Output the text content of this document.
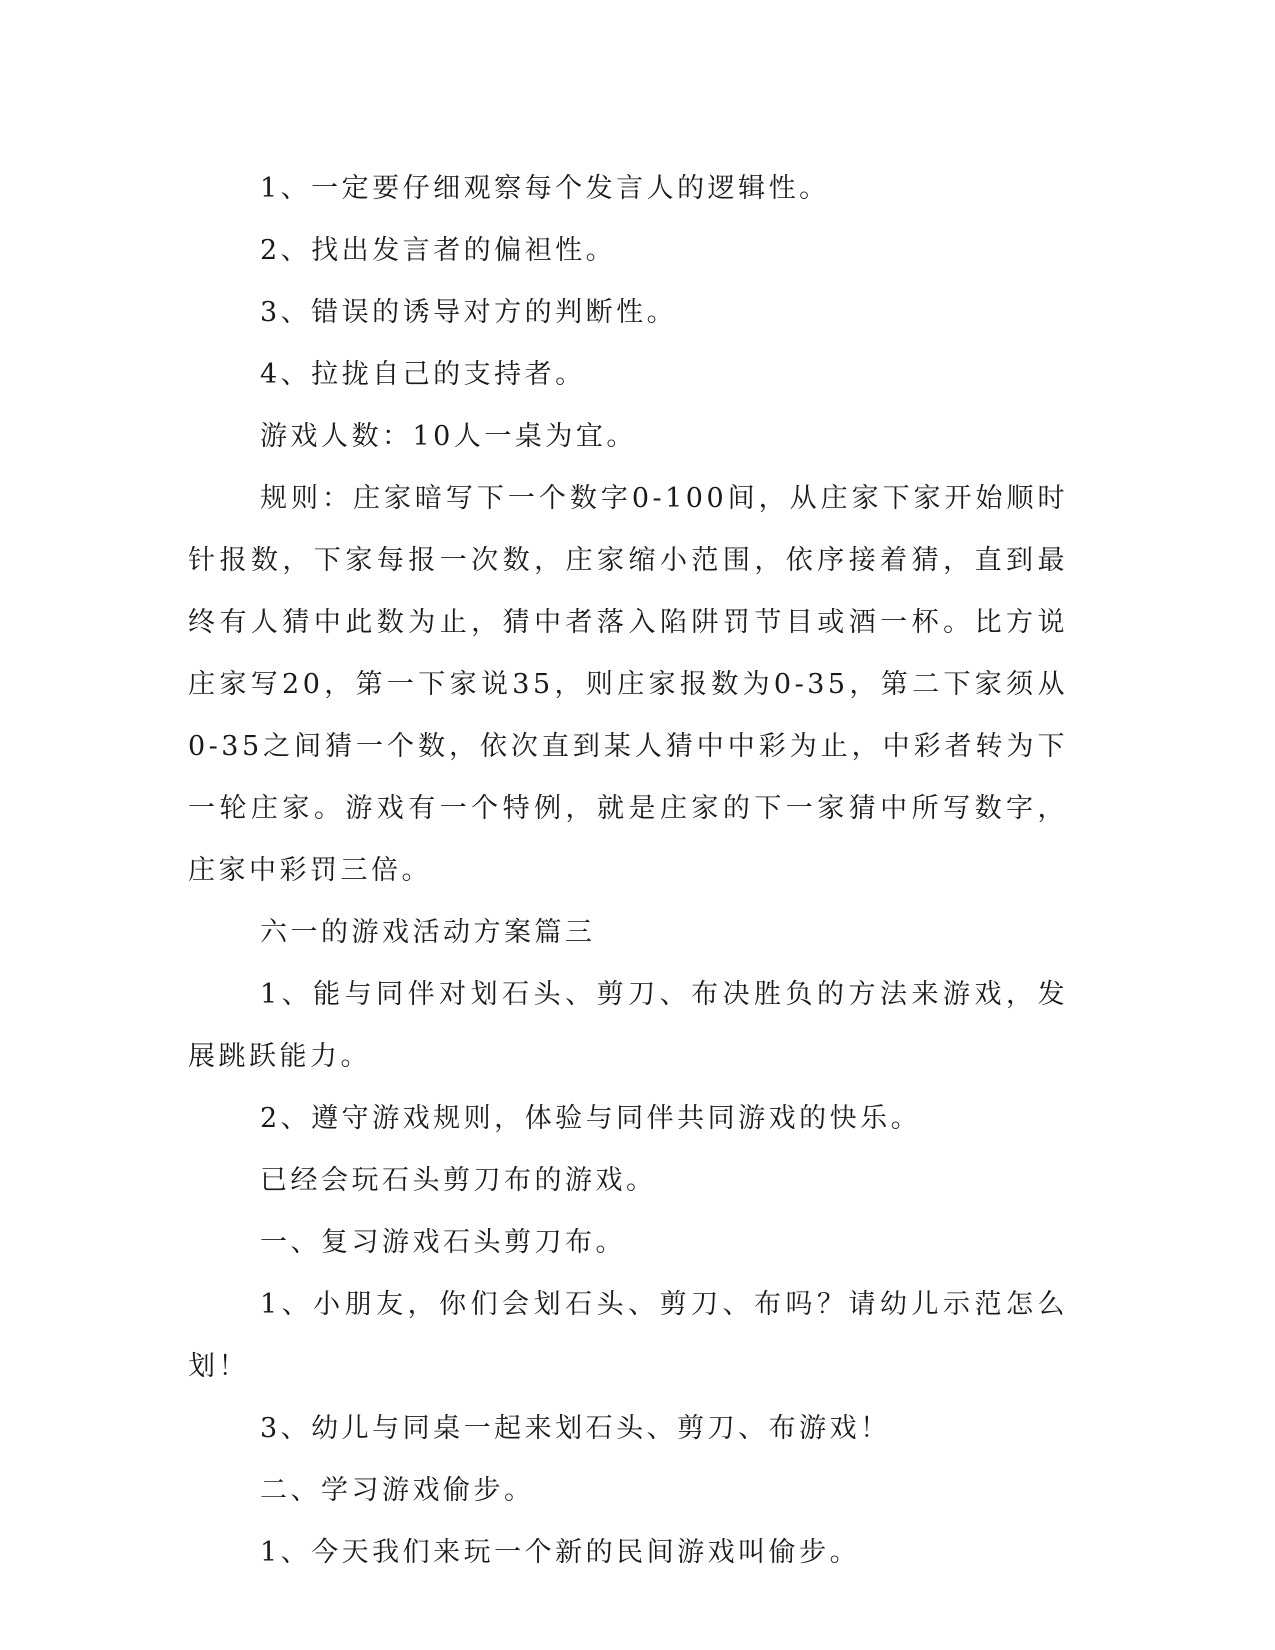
1、一定要仔细观察每个发言人的逻辑性。

2、找出发言者的偏袒性。

3、错误的诱导对方的判断性。

4、拉拢自己的支持者。

游戏人数：10人一桌为宜。

规则：庄家暗写下一个数字0-100间，从庄家下家开始顺时针报数，下家每报一次数，庄家缩小范围，依序接着猜，直到最终有人猜中此数为止，猜中者落入陷阱罚节目或酒一杯。比方说庄家写20，第一下家说35，则庄家报数为0-35，第二下家须从0-35之间猜一个数，依次直到某人猜中中彩为止，中彩者转为下一轮庄家。游戏有一个特例，就是庄家的下一家猜中所写数字，庄家中彩罚三倍。

六一的游戏活动方案篇三

1、能与同伴对划石头、剪刀、布决胜负的方法来游戏，发展跳跃能力。

2、遵守游戏规则，体验与同伴共同游戏的快乐。

已经会玩石头剪刀布的游戏。

一、复习游戏石头剪刀布。

1、小朋友，你们会划石头、剪刀、布吗？请幼儿示范怎么划！

3、幼儿与同桌一起来划石头、剪刀、布游戏！

二、学习游戏偷步。

1、今天我们来玩一个新的民间游戏叫偷步。
